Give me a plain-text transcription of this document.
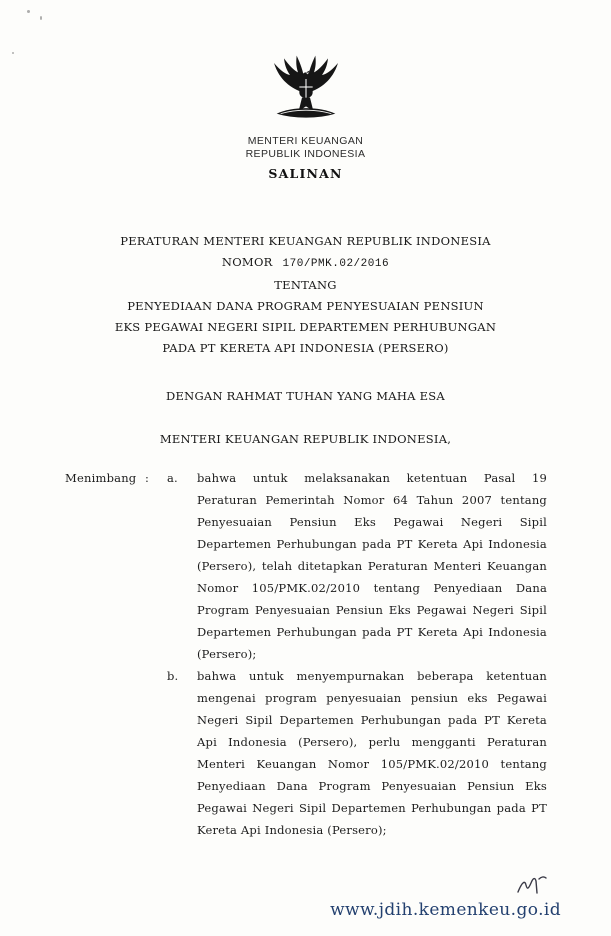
MENTERI KEUANGAN
REPUBLIK INDONESIA
SALINAN
PERATURAN MENTERI KEUANGAN REPUBLIK INDONESIA
NOMOR 170/PMK.02/2016
TENTANG
PENYEDIAAN DANA PROGRAM PENYESUAIAN PENSIUN
EKS PEGAWAI NEGERI SIPIL DEPARTEMEN PERHUBUNGAN
PADA PT KERETA API INDONESIA (PERSERO)
DENGAN RAHMAT TUHAN YANG MAHA ESA
MENTERI KEUANGAN REPUBLIK INDONESIA,
Menimbang :	a.	bahwa untuk melaksanakan ketentuan Pasal 19 Peraturan Pemerintah Nomor 64 Tahun 2007 tentang Penyesuaian Pensiun Eks Pegawai Negeri Sipil Departemen Perhubungan pada PT Kereta Api Indonesia (Persero), telah ditetapkan Peraturan Menteri Keuangan Nomor 105/PMK.02/2010 tentang Penyediaan Dana Program Penyesuaian Pensiun Eks Pegawai Negeri Sipil Departemen Perhubungan pada PT Kereta Api Indonesia (Persero);
b.	bahwa untuk menyempurnakan beberapa ketentuan mengenai program penyesuaian pensiun eks Pegawai Negeri Sipil Departemen Perhubungan pada PT Kereta Api Indonesia (Persero), perlu mengganti Peraturan Menteri Keuangan Nomor 105/PMK.02/2010 tentang Penyediaan Dana Program Penyesuaian Pensiun Eks Pegawai Negeri Sipil Departemen Perhubungan pada PT Kereta Api Indonesia (Persero);
www.jdih.kemenkeu.go.id
